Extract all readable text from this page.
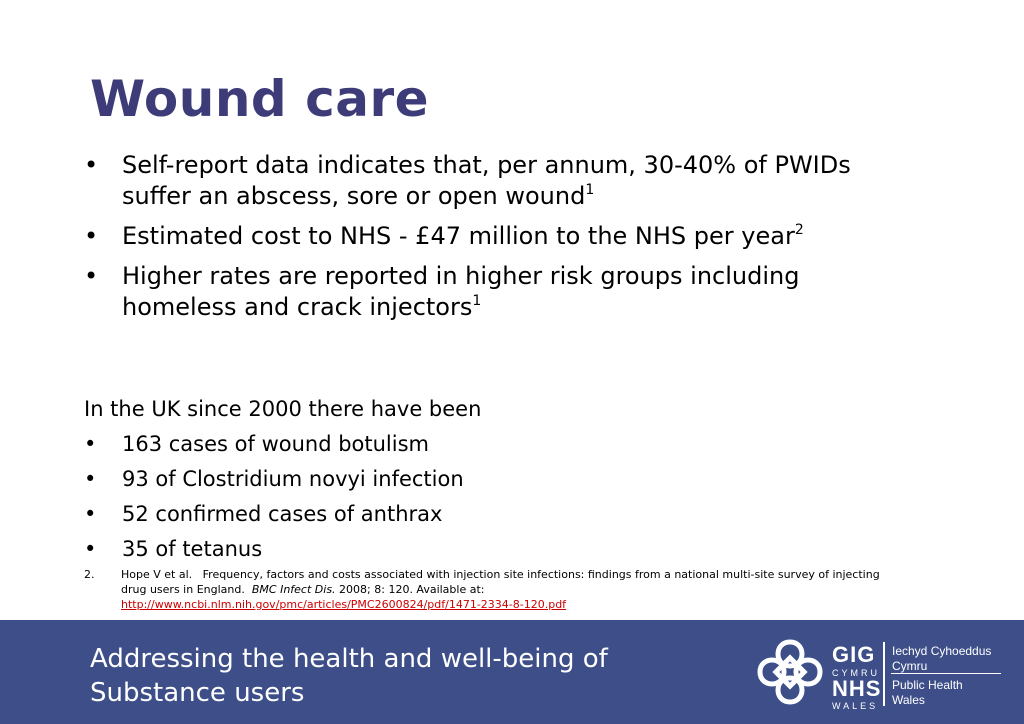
Wound care
• Self-report data indicates that, per annum, 30-40% of PWIDs suffer an abscess, sore or open wound$^1$
• Estimated cost to NHS - £47 million to the NHS per year$^2$
• Higher rates are reported in higher risk groups including homeless and crack injectors$^1$

In the UK since 2000 there have been

• 163 cases of wound botulism
• 93 of Clostridium novyi infection
• 52 confirmed cases of anthrax
• 35 of tetanus
2. Hope V et al. Frequency, factors and costs associated with injection site infections: findings from a national multi-site survey of injecting drug users in England. BMC Infect Dis. 2008; 8: 120. Available at:
http://www.ncbi.nlm.nih.gov/pmc/articles/PMC2600824/pdf/1471-2334-8-120.pdf
Addressing the health and well-being of
Substance users
GIG
CYMRU
NHS
WALES
Iechyd Cyhoeddus
Cymru
Public Health
Wales
